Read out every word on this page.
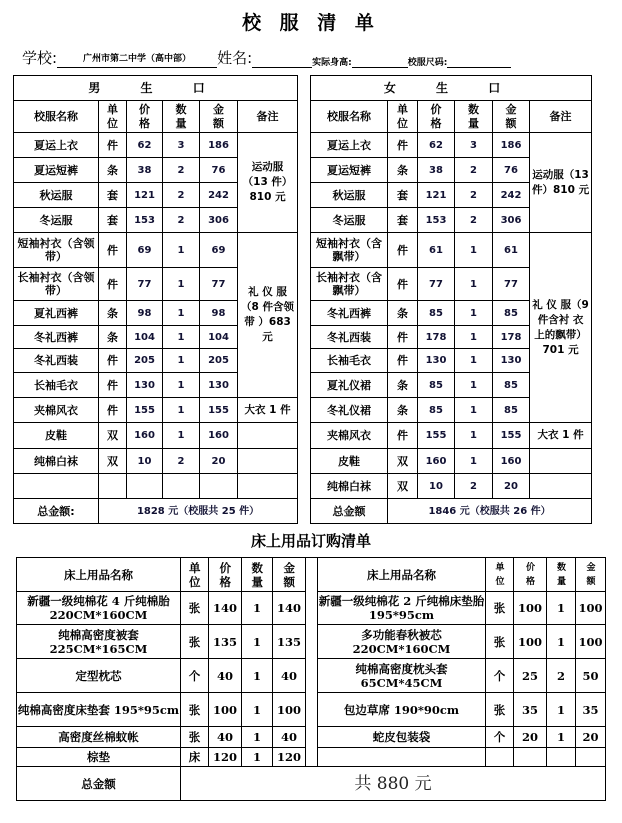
校 服 清 单
学校:	广州市第二中学（高中部） 姓名:	实际身高:	校服尺码:
男 生 口					
校服名称	单位	价格	数量	金额	备注
夏运上衣	件	62	3	186	运动服（13 件）810 元
夏运短裤	条	38	2	76	
秋运服	套	121	2	242	
冬运服	套	153	2	306	
短袖衬衣（含领带）	件	69	1	69	礼 仪 服（8 件含领 带 ）683 元
长袖衬衣（含领带）	件	77	1	77	
夏礼西裤	条	98	1	98	
冬礼西裤	条	104	1	104	
冬礼西装	件	205	1	205	
长袖毛衣	件	130	1	130	
夹棉风衣	件	155	1	155	大衣 1 件
皮鞋	双	160	1	160	
纯棉白袜	双	10	2	20	

总金额:	1828 元（校服共 25 件）				
女 生 口					
校服名称	单位	价格	数量	金额	备注
夏运上衣	件	62	3	186	运动服（13 件）810 元
夏运短裤	条	38	2	76	
秋运服	套	121	2	242	
冬运服	套	153	2	306	
短袖衬衣（含飘带）	件	61	1	61	礼 仪 服（9 件含衬 衣 上的飘带）701 元
长袖衬衣（含飘带）	件	77	1	77	
冬礼西裤	条	85	1	85	
冬礼西装	件	178	1	178	
长袖毛衣	件	130	1	130	
夏礼仪裙	条	85	1	85	
冬礼仪裙	条	85	1	85	
夹棉风衣	件	155	1	155	大衣 1 件
皮鞋	双	160	1	160	
纯棉白袜	双	10	2	20	
总金额	1846 元（校服共 26 件）				
床上用品订购清单
床上用品名称	单位	价格	数量	金额		床上用品名称	单位	价格	数量	金额
新疆一级纯棉花 4 斤纯棉胎 220CM*160CM	张	140	1	140		新疆一级纯棉花 2 斤纯棉床垫胎 195*95cm	张	100	1	100
纯棉高密度被套 225CM*165CM	张	135	1	135		多功能春秋被芯 220CM*160CM	张	100	1	100
定型枕芯	个	40	1	40		纯棉高密度枕头套 65CM*45CM	个	25	2	50
纯棉高密度床垫套 195*95cm	张	100	1	100		包边草席 190*90cm	张	35	1	35
高密度丝棉蚊帐	张	40	1	40		蛇皮包装袋	个	20	1	20
棕垫	床	120	1	120						
总金额	共 880 元									
